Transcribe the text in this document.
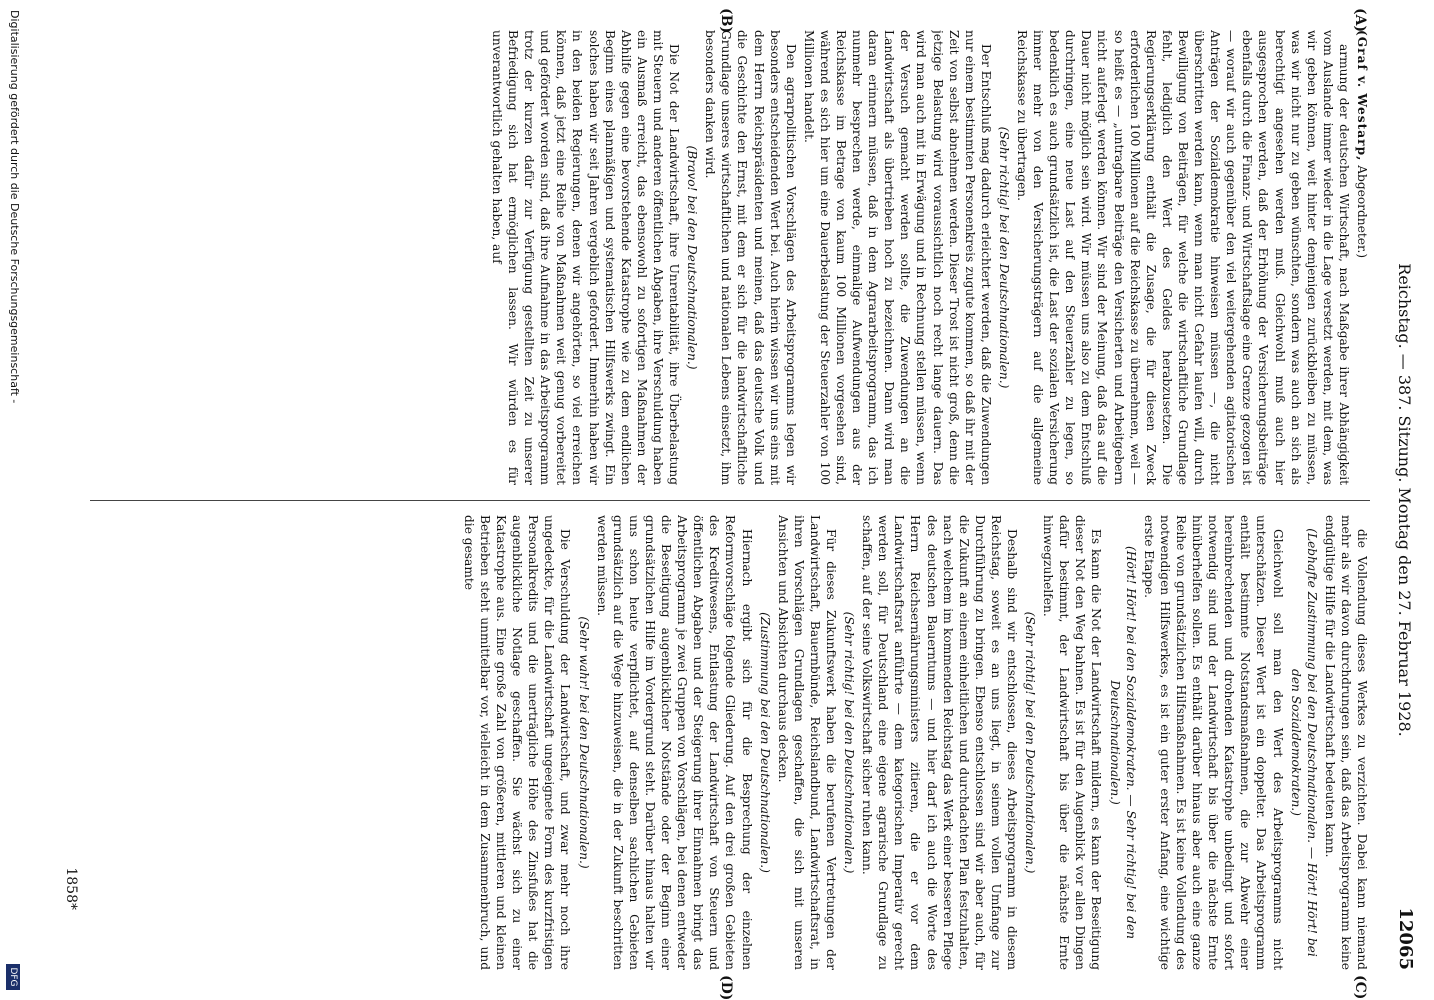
Reichstag. — 387. Sitzung. Montag den 27. Februar 1928.
12065
(A)
(B)
(C)
(D)

(Graf v. Westarp, Abgeordneter.)

armung der deutschen Wirtschaft, nach Maßgabe ihrer Abhängigkeit vom Auslande immer wieder in die Lage versetzt werden, mit dem, was wir geben können, weit hinter demjenigen zurückbleiben zu müssen, was wir nicht nur zu geben wünschten, sondern was auch an sich als berechtigt angesehen werden muß. Gleichwohl muß auch hier ausgesprochen werden, daß der Erhöhung der Versicherungsbeiträge ebenfalls durch die Finanz- und Wirtschaftslage eine Grenze gezogen ist — worauf wir auch gegenüber den viel weitergehenden agitatorischen Anträgen der Sozialdemokratie hinweisen müssen —, die nicht überschritten werden kann, wenn man nicht Gefahr laufen will, durch Bewilligung von Beiträgen, für welche die wirtschaftliche Grundlage fehlt, lediglich den Wert des Geldes herabzusetzen. Die Regierungserklärung enthält die Zusage, die für diesen Zweck erforderlichen 100 Millionen auf die Reichskasse zu übernehmen, weil — so heißt es — „untragbare Beiträge den Versicherten und Arbeitgebern nicht auferlegt werden können. Wir sind der Meinung, daß das auf die Dauer nicht möglich sein wird. Wir müssen uns also zu dem Entschluß durchringen, eine neue Last auf den Steuerzahler zu legen, so bedenklich es auch grundsätzlich ist, die Last der sozialen Versicherung immer mehr von den Versicherungsträgern auf die allgemeine Reichskasse zu übertragen.

(Sehr richtig! bei den Deutschnationalen.)

Der Entschluß mag dadurch erleichtert werden, daß die Zuwendungen nur einem bestimmten Personenkreis zugute kommen, so daß ihr mit der Zeit von selbst abnehmen werden. Dieser Trost ist nicht groß, denn die jetzige Belastung wird voraussichtlich noch recht lange dauern. Das wird man auch mit in Erwägung und in Rechnung stellen müssen, wenn der Versuch gemacht werden sollte, die Zuwendungen an die Landwirtschaft als übertrieben hoch zu bezeichnen. Dann wird man daran erinnern müssen, daß in dem Agrararbeitsprogramm, das ich nunmehr besprechen werde, einmalige Aufwendungen aus der Reichskasse im Betrage von kaum 100 Millionen vorgesehen sind, während es sich hier um eine Dauerbelastung der Steuerzahler von 100 Millionen handelt.

Den agrarpolitischen Vorschlägen des Arbeitsprogramms legen wir besonders entscheidenden Wert bei. Auch hierin wissen wir uns eins mit dem Herrn Reichspräsidenten und meinen, daß das deutsche Volk und die Geschichte den Ernst, mit dem er sich für die landwirtschaftliche Grundlage unseres wirtschaftlichen und nationalen Lebens einsetzt, ihm besonders danken wird.

(Bravo! bei den Deutschnationalen.)

Die Not der Landwirtschaft, ihre Unrentabilität, ihre Überbelastung mit Steuern und anderen öffentlichen Abgaben, ihre Verschuldung haben ein Ausmaß erreicht, das ebensowohl zu sofortigen Maßnahmen der Abhilfe gegen eine bevorstehende Katastrophe wie zu dem endlichen Beginn eines planmäßigen und systematischen Hilfswerks zwingt. Ein solches haben wir seit Jahren vergeblich gefordert. Immerhin haben wir in den beiden Regierungen, denen wir angehörten, so viel erreichen können, daß jetzt eine Reihe von Maßnahmen weit genug vorbereitet und gefördert worden sind, daß ihre Aufnahme in das Arbeitsprogramm trotz der kurzen dafür zur Verfügung gestellten Zeit zu unserer Befriedigung sich hat ermöglichen lassen. Wir würden es für unverantwortlich gehalten haben, auf

die Vollendung dieses Werkes zu verzichten. Dabei kann niemand mehr als wir davon durchdrungen sein, daß das Arbeitsprogramm keine endgültige Hilfe für die Landwirtschaft bedeuten kann.

(Lebhafte Zustimmung bei den Deutschnationalen. — Hört! Hört! bei den Sozialdemokraten.)

Gleichwohl soll man den Wert des Arbeitsprogramms nicht unterschätzen. Dieser Wert ist ein doppelter. Das Arbeitsprogramm enthält bestimmte Notstandsmaßnahmen, die zur Abwehr einer hereinbrechenden und drohenden Katastrophe unbedingt und sofort notwendig sind und der Landwirtschaft bis über die nächste Ernte hinüberhelfen sollen. Es enthält darüber hinaus aber auch eine ganze Reihe von grundsätzlichen Hilfsmaßnahmen. Es ist keine Vollendung des notwendigen Hilfswerkes, es ist ein guter erster Anfang, eine wichtige erste Etappe.

(Hört! Hört! bei den Sozialdemokraten. — Sehr richtig! bei den Deutschnationalen.)

Es kann die Not der Landwirtschaft mildern, es kann der Beseitigung dieser Not den Weg bahnen. Es ist für den Augenblick vor allen Dingen dafür bestimmt, der Landwirtschaft bis über die nächste Ernte hinwegzuhelfen.

(Sehr richtig! bei den Deutschnationalen.)

Deshalb sind wir entschlossen, dieses Arbeitsprogramm in diesem Reichstag, soweit es an uns liegt, in seinem vollen Umfange zur Durchführung zu bringen. Ebenso entschlossen sind wir aber auch, für die Zukunft an einem einheitlichen und durchdachten Plan festzuhalten, nach welchem im kommenden Reichstag das Werk einer besseren Pflege des deutschen Bauerntums — und hier darf ich auch die Worte des Herrn Reichsernährungsministers zitieren, die er vor dem Landwirtschaftsrat anführte — dem kategorischen Imperativ gerecht werden soll, für Deutschland eine eigene agrarische Grundlage zu schaffen, auf der seine Volkswirtschaft sicher ruhen kann.

(Sehr richtig! bei den Deutschnationalen.)

Für dieses Zukunftswerk haben die berufenen Vertretungen der Landwirtschaft, Bauernbünde, Reichslandbund, Landwirtschaftsrat, in ihren Vorschlägen Grundlagen geschaffen, die sich mit unseren Ansichten und Absichten durchaus decken.

(Zustimmung bei den Deutschnationalen.)

Hiernach ergibt sich für die Besprechung der einzelnen Reformvorschläge folgende Gliederung. Auf den drei großen Gebieten des Kreditwesens, Entlastung der Landwirtschaft von Steuern und öffentlichen Abgaben und der Steigerung ihrer Einnahmen bringt das Arbeitsprogramm je zwei Gruppen von Vorschlägen, bei denen entweder die Beseitigung augenblicklicher Notstände oder der Beginn einer grundsätzlichen Hilfe im Vordergrund steht. Darüber hinaus halten wir uns schon heute verpflichtet, auf denselben sachlichen Gebieten grundsätzlich auf die Wege hinzuweisen, die in der Zukunft beschritten werden müssen.

(Sehr wahr! bei den Deutschnationalen.)

Die Verschuldung der Landwirtschaft, und zwar mehr noch ihre ungedeckte, für die Landwirtschaft ungeeignete Form des kurzfristigen Personalkredits und die unerträgliche Höhe des Zinsfußes hat die augenblickliche Notlage geschaffen. Sie wächst sich zu einer Katastrophe aus. Eine große Zahl von größeren, mittleren und kleinen Betrieben steht unmittelbar vor, vielleicht in dem Zusammenbruch, und die gesamte

1858*
Digitalisierung gefördert durch die Deutsche Forschungsgemeinschaft -
DFG
